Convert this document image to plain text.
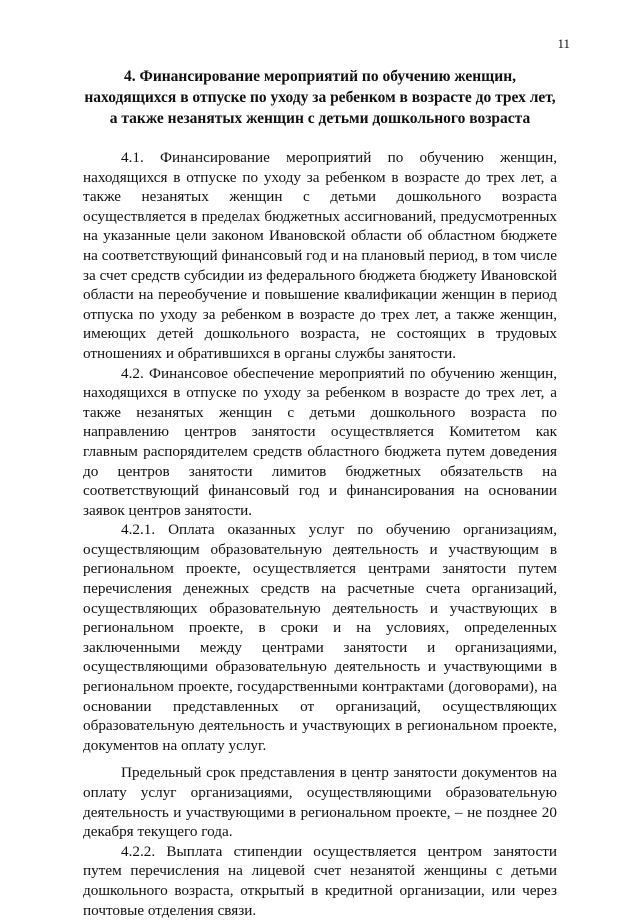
11
4. Финансирование мероприятий по обучению женщин,
находящихся в отпуске по уходу за ребенком в возрасте до трех лет,
а также незанятых женщин с детьми дошкольного возраста

4.1. Финансирование мероприятий по обучению женщин, находящихся в отпуске по уходу за ребенком в возрасте до трех лет, а также незанятых женщин с детьми дошкольного возраста осуществляется в пределах бюджетных ассигнований, предусмотренных на указанные цели законом Ивановской области об областном бюджете на соответствующий финансовый год и на плановый период, в том числе за счет средств субсидии из федерального бюджета бюджету Ивановской области на переобучение и повышение квалификации женщин в период отпуска по уходу за ребенком в возрасте до трех лет, а также женщин, имеющих детей дошкольного возраста, не состоящих в трудовых отношениях и обратившихся в органы службы занятости.

4.2. Финансовое обеспечение мероприятий по обучению женщин, находящихся в отпуске по уходу за ребенком в возрасте до трех лет, а также незанятых женщин с детьми дошкольного возраста по направлению центров занятости осуществляется Комитетом как главным распорядителем средств областного бюджета путем доведения до центров занятости лимитов бюджетных обязательств на соответствующий финансовый год и финансирования на основании заявок центров занятости.

4.2.1. Оплата оказанных услуг по обучению организациям, осуществляющим образовательную деятельность и участвующим в региональном проекте, осуществляется центрами занятости путем перечисления денежных средств на расчетные счета организаций, осуществляющих образовательную деятельность и участвующих в региональном проекте, в сроки и на условиях, определенных заключенными между центрами занятости и организациями, осуществляющими образовательную деятельность и участвующими в региональном проекте, государственными контрактами (договорами), на основании представленных от организаций, осуществляющих образовательную деятельность и участвующих в региональном проекте, документов на оплату услуг.

Предельный срок представления в центр занятости документов на оплату услуг организациями, осуществляющими образовательную деятельность и участвующими в региональном проекте, – не позднее 20 декабря текущего года.

4.2.2. Выплата стипендии осуществляется центром занятости путем перечисления на лицевой счет незанятой женщины с детьми дошкольного возраста, открытый в кредитной организации, или через почтовые отделения связи.
